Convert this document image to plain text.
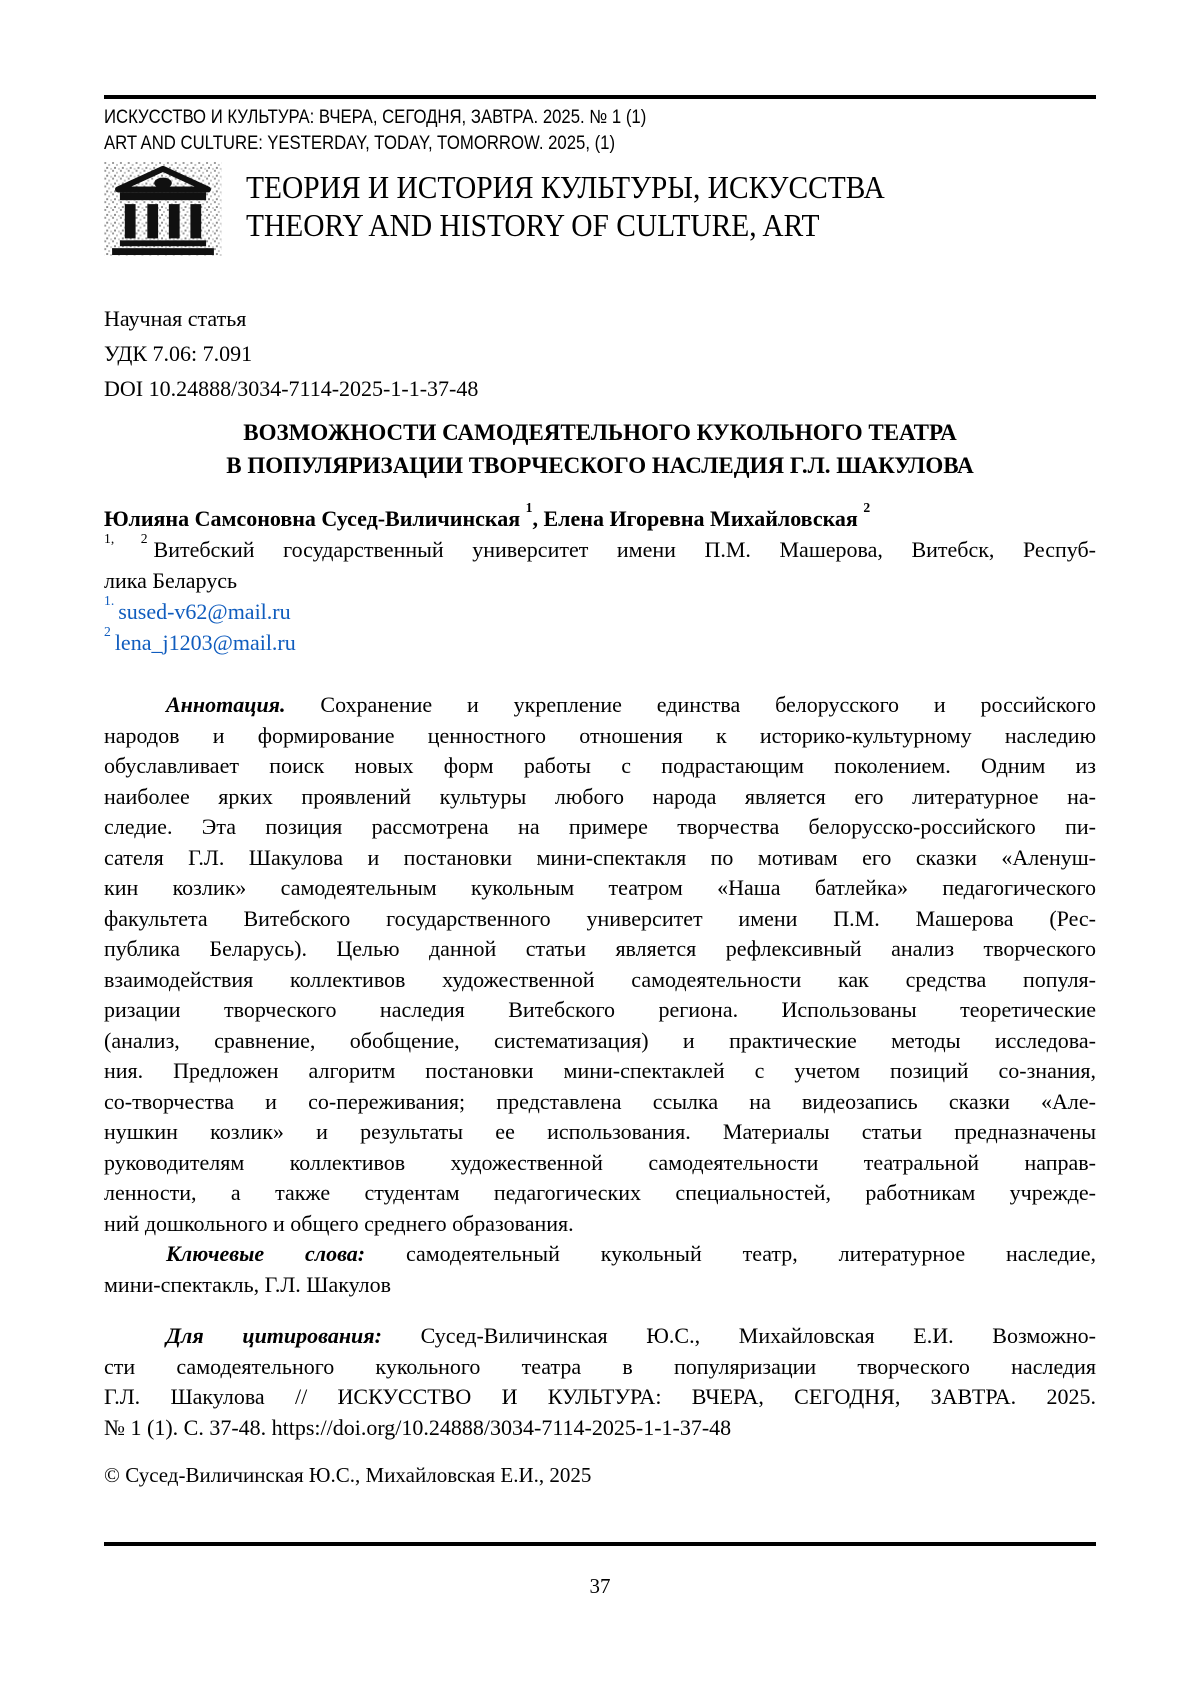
ИСКУССТВО И КУЛЬТУРА: ВЧЕРА, СЕГОДНЯ, ЗАВТРА. 2025. № 1 (1)
ART AND CULTURE: YESTERDAY, TODAY, TOMORROW. 2025, (1)
ТЕОРИЯ И ИСТОРИЯ КУЛЬТУРЫ, ИСКУССТВА
THEORY AND HISTORY OF CULTURE, ART
Научная статья
УДК 7.06: 7.091
DOI 10.24888/3034-7114-2025-1-1-37-48
ВОЗМОЖНОСТИ САМОДЕЯТЕЛЬНОГО КУКОЛЬНОГО ТЕАТРА
В ПОПУЛЯРИЗАЦИИ ТВОРЧЕСКОГО НАСЛЕДИЯ Г.Л. ШАКУЛОВА
Юлияна Самсоновна Сусед-Виличинская $^1$, Елена Игоревна Михайловская $^2$
$^{1, 2}$ Витебский государственный университет имени П.М. Машерова, Витебск, Респуб-
лика Беларусь
$^{1.}$ sused-v62@mail.ru
$^2$ lena_j1203@mail.ru
Аннотация. Сохранение и укрепление единства белорусского и российского
народов и формирование ценностного отношения к историко-культурному наследию
обуславливает поиск новых форм работы с подрастающим поколением. Одним из
наиболее ярких проявлений культуры любого народа является его литературное на-
следие. Эта позиция рассмотрена на примере творчества белорусско-российского пи-
сателя Г.Л. Шакулова и постановки мини-спектакля по мотивам его сказки «Аленуш-
кин козлик» самодеятельным кукольным театром «Наша батлейка» педагогического
факультета Витебского государственного университет имени П.М. Машерова (Рес-
публика Беларусь). Целью данной статьи является рефлексивный анализ творческого
взаимодействия коллективов художественной самодеятельности как средства популя-
ризации творческого наследия Витебского региона. Использованы теоретические
(анализ, сравнение, обобщение, систематизация) и практические методы исследова-
ния. Предложен алгоритм постановки мини-спектаклей с учетом позиций со-знания,
со-творчества и со-переживания; представлена ссылка на видеозапись сказки «Але-
нушкин козлик» и результаты ее использования. Материалы статьи предназначены
руководителям коллективов художественной самодеятельности театральной направ-
ленности, а также студентам педагогических специальностей, работникам учрежде-
ний дошкольного и общего среднего образования.
Ключевые слова: самодеятельный кукольный театр, литературное наследие,
мини-спектакль, Г.Л. Шакулов
Для цитирования: Сусед-Виличинская Ю.С., Михайловская Е.И. Возможно-
сти самодеятельного кукольного театра в популяризации творческого наследия
Г.Л. Шакулова // ИСКУССТВО И КУЛЬТУРА: ВЧЕРА, СЕГОДНЯ, ЗАВТРА. 2025.
№ 1 (1). С. 37-48. https://doi.org/10.24888/3034-7114-2025-1-1-37-48
© Сусед-Виличинская Ю.С., Михайловская Е.И., 2025
37
